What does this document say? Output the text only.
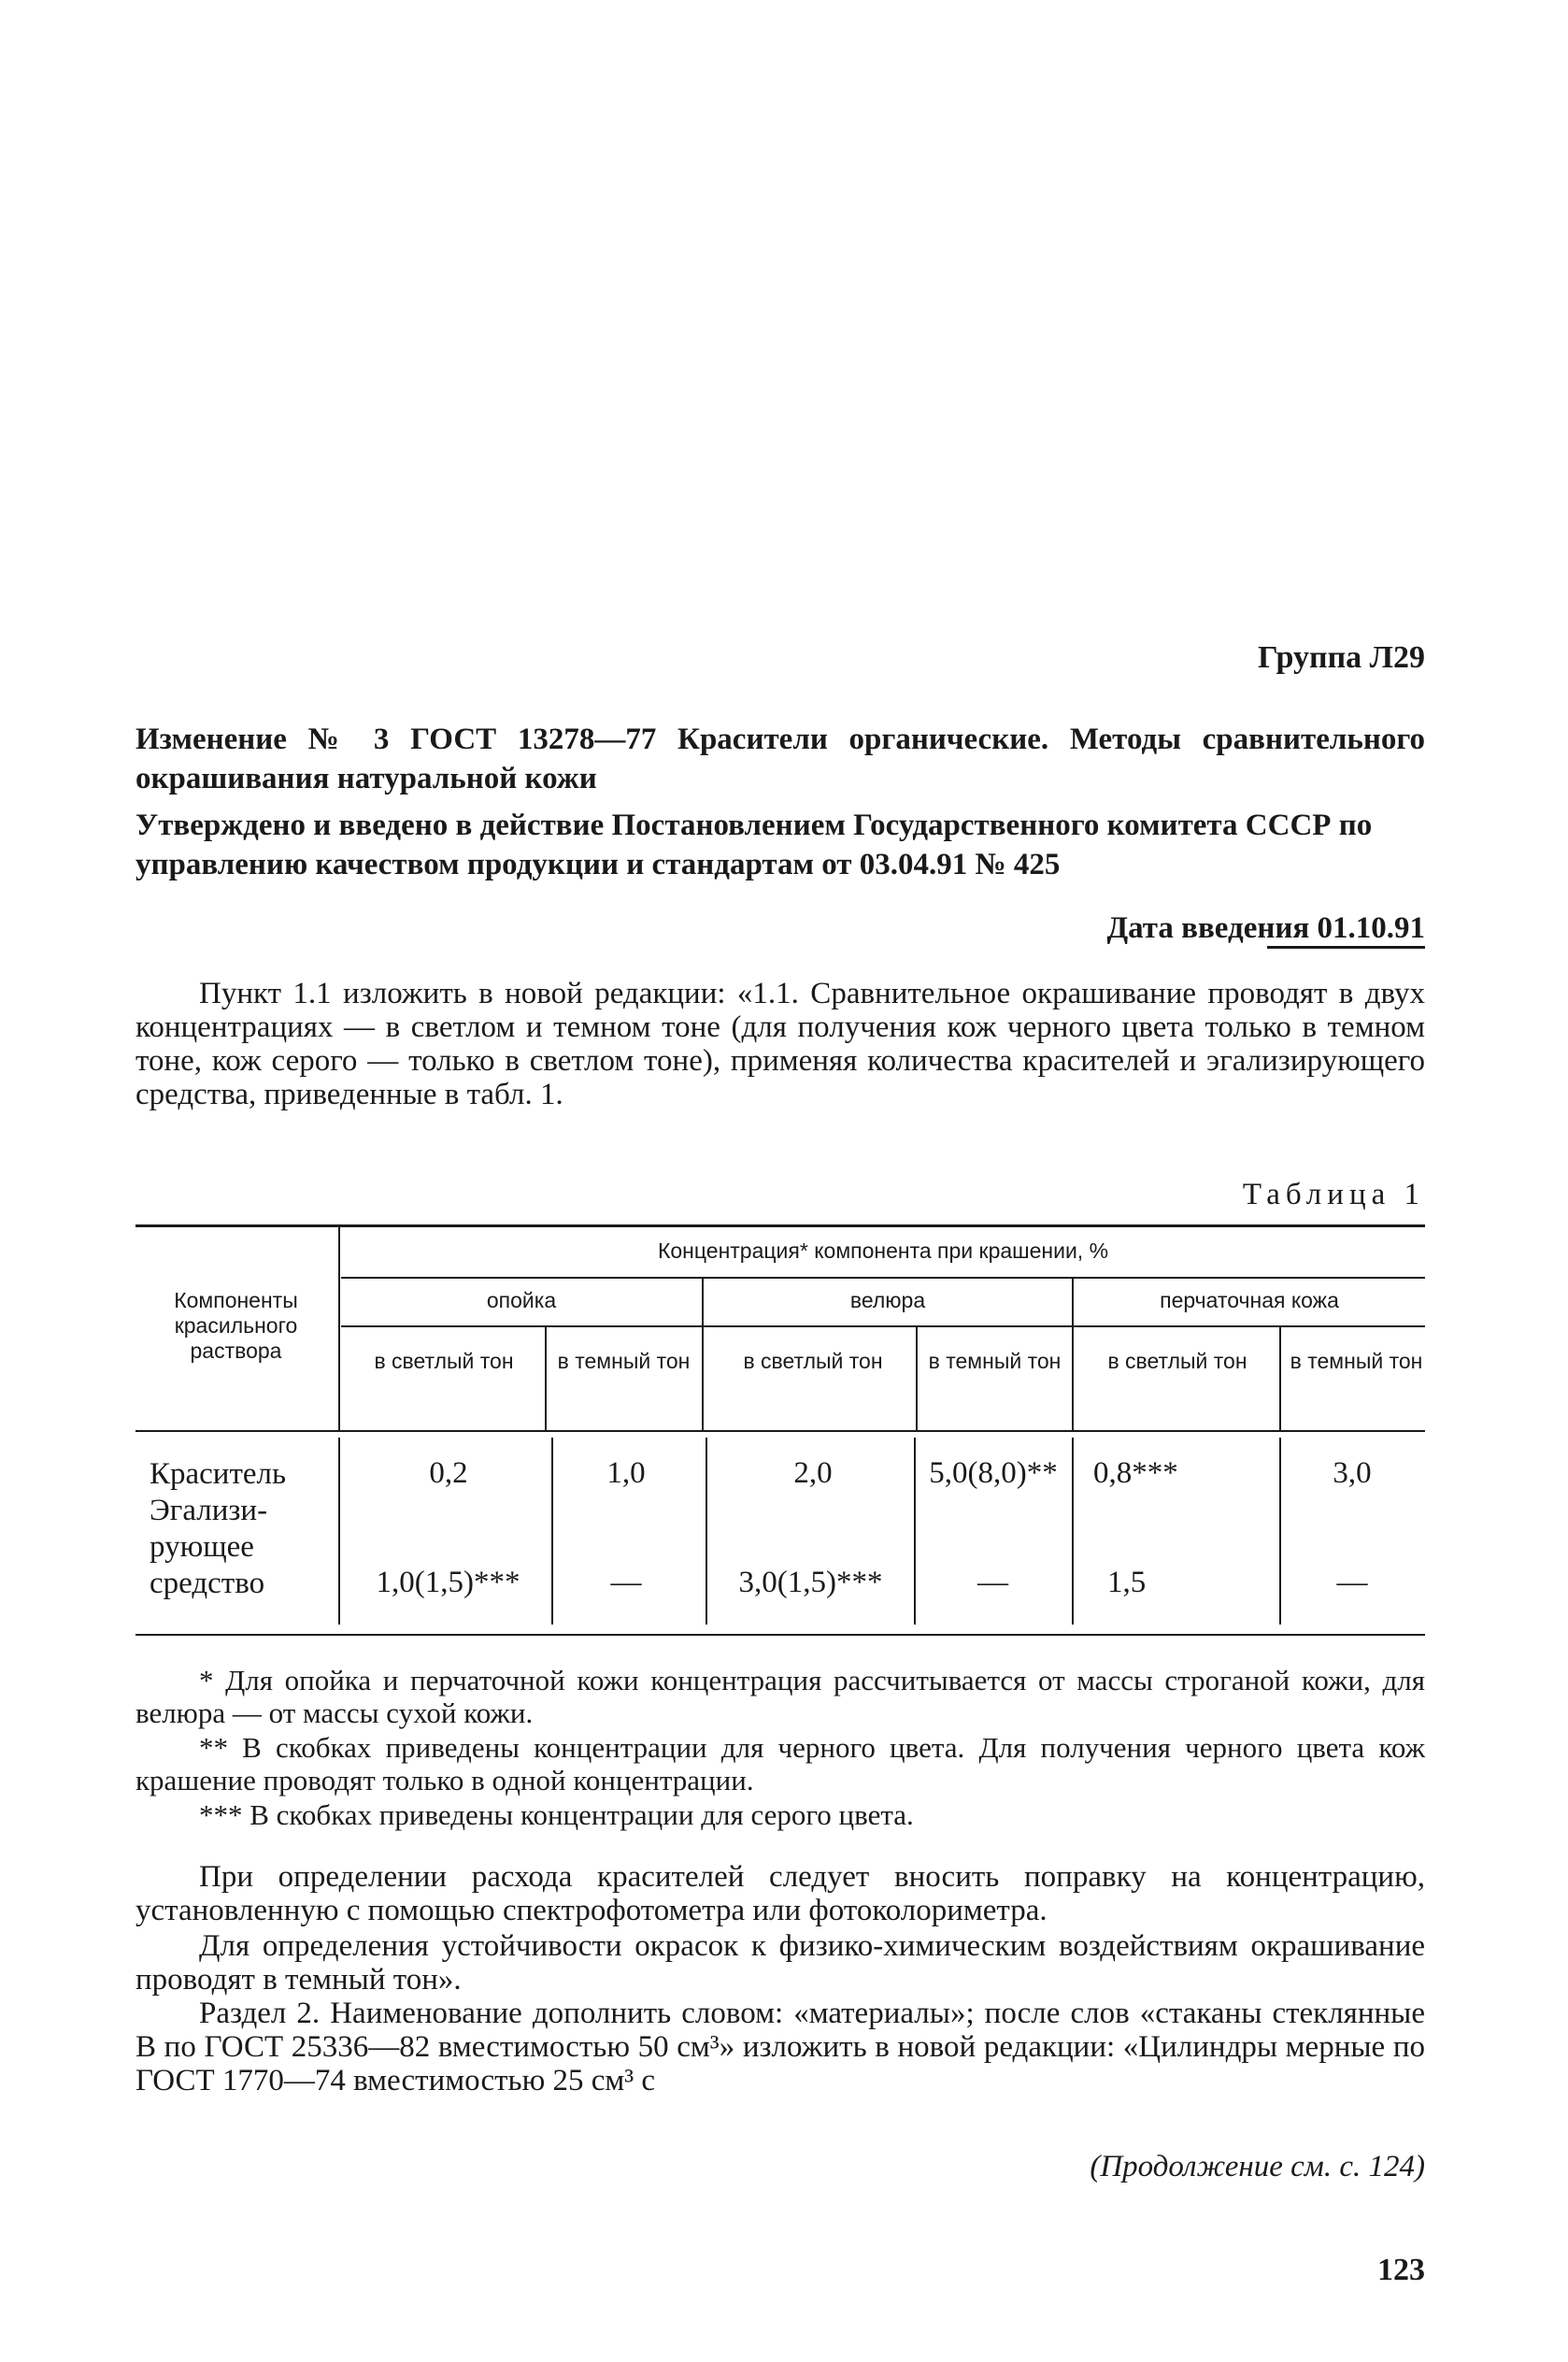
Группа Л29
Изменение № 3 ГОСТ 13278—77 Красители органические. Методы сравнительного окрашивания натуральной кожи
Утверждено и введено в действие Постановлением Государственного комитета СССР по управлению качеством продукции и стандартам от 03.04.91 № 425
Дата введения 01.10.91
Пункт 1.1 изложить в новой редакции: «1.1. Сравнительное окрашивание проводят в двух концентрациях — в светлом и темном тоне (для получения кож черного цвета только в темном тоне, кож серого — только в светлом тоне), применяя количества красителей и эгализирующего средства, приведенные в табл. 1.
Таблица 1
Компоненты красильного раствора
Концентрация* компонента при крашении, %
опойка	велюра	перчаточная кожа
в светлый тон	в темный тон	в светлый тон	в темный тон	в светлый тон	в темный тон
Краситель	0,2	1,0	2,0	5,0(8,0)**	0,8***	3,0
Эгализи-
рующее
средство	1,0(1,5)***	—	3,0(1,5)***	—	1,5	—
* Для опойка и перчаточной кожи концентрация рассчитывается от массы строганой кожи, для велюра — от массы сухой кожи.
** В скобках приведены концентрации для черного цвета. Для получения черного цвета кож крашение проводят только в одной концентрации.
*** В скобках приведены концентрации для серого цвета.
При определении расхода красителей следует вносить поправку на концентрацию, установленную с помощью спектрофотометра или фотоколориметра.
Для определения устойчивости окрасок к физико-химическим воздействиям окрашивание проводят в темный тон».
Раздел 2. Наименование дополнить словом: «материалы»; после слов «стаканы стеклянные В по ГОСТ 25336—82 вместимостью 50 см³» изложить в новой редакции: «Цилиндры мерные по ГОСТ 1770—74 вместимостью 25 см³ с
(Продолжение см. с. 124)
123
